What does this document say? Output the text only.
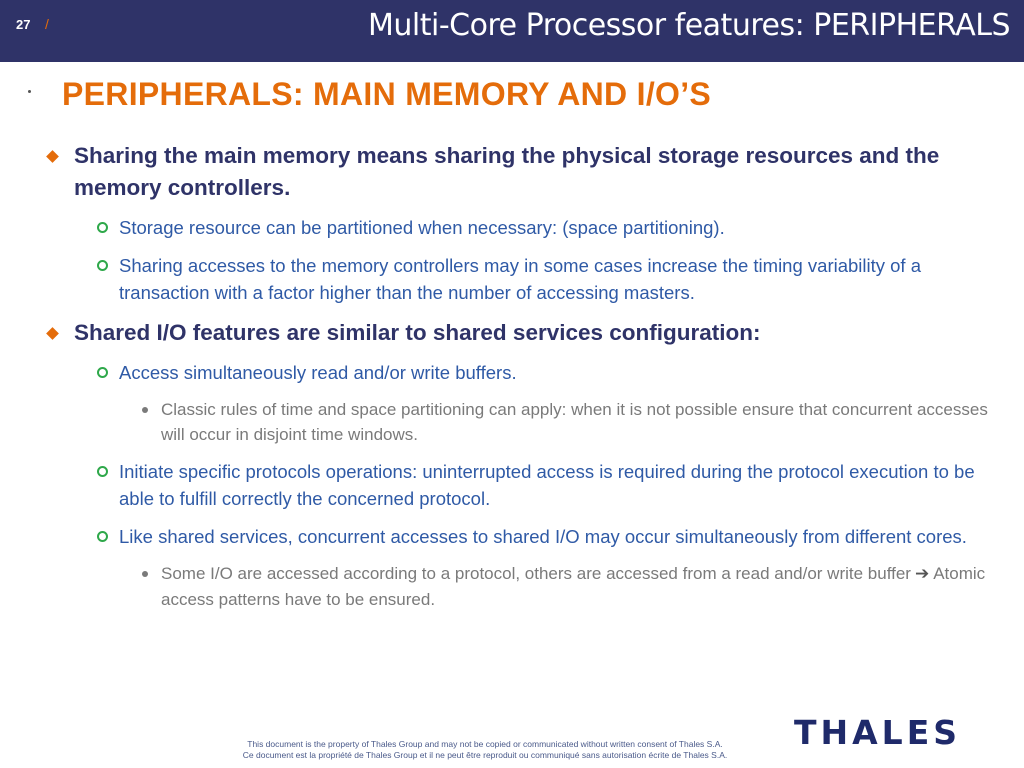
27 /	Multi-Core Processor features: PERIPHERALS
PERIPHERALS: MAIN MEMORY AND I/O’S
Sharing the main memory means sharing the physical storage resources and the memory controllers.
Storage resource can be partitioned when necessary: (space partitioning).
Sharing accesses to the memory controllers may in some cases increase the timing variability of a transaction with a factor higher than the number of accessing masters.
Shared I/O features are similar to shared services configuration:
Access simultaneously read and/or write buffers.
Classic rules of time and space partitioning can apply: when it is not possible ensure that concurrent accesses will occur in disjoint time windows.
Initiate specific protocols operations: uninterrupted access is required during the protocol execution to be able to fulfill correctly the concerned protocol.
Like shared services, concurrent accesses to shared I/O may occur simultaneously from different cores.
Some I/O are accessed according to a protocol, others are accessed from a read and/or write buffer ➔ Atomic access patterns have to be ensured.
This document is the property of Thales Group and may not be copied or communicated without written consent of Thales S.A.
Ce document est la propriété de Thales Group et il ne peut être reproduit ou communiqué sans autorisation écrite de Thales S.A.
THALES
